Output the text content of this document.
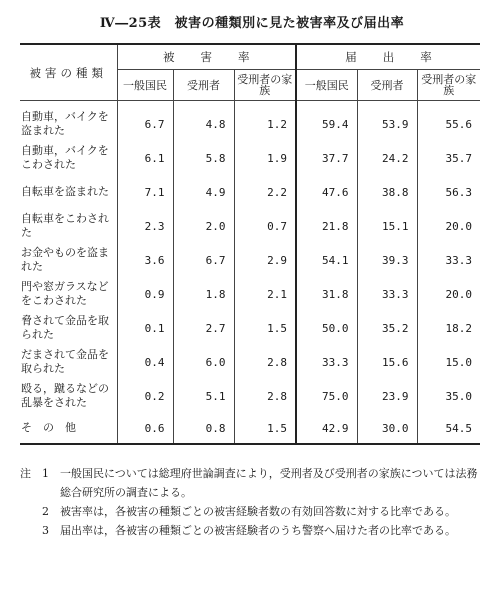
Ⅳ―25表　被害の種類別に見た被害率及び届出率
被害の種類	被害率			届出率		
	一般国民	受刑者	受刑者の家　族	一般国民	受刑者	受刑者の家　族
自動車，バイクを盗まれた	6.7	4.8	1.2	59.4	53.9	55.6
自動車，バイクをこわされた	6.1	5.8	1.9	37.7	24.2	35.7
自転車を盗まれた	7.1	4.9	2.2	47.6	38.8	56.3
自転車をこわされた	2.3	2.0	0.7	21.8	15.1	20.0
お金やものを盗まれた	3.6	6.7	2.9	54.1	39.3	33.3
門や窓ガラスなどをこわされた	0.9	1.8	2.1	31.8	33.3	20.0
脅されて金品を取られた	0.1	2.7	1.5	50.0	35.2	18.2
だまされて金品を取られた	0.4	6.0	2.8	33.3	15.6	15.0
殴る，蹴るなどの乱暴をされた	0.2	5.1	2.8	75.0	23.9	35.0
そ　の　他	0.6	0.8	1.5	42.9	30.0	54.5
注	1	一般国民については総理府世論調査により，受刑者及び受刑者の家族については法務総合研究所の調査による。
2	被害率は，各被害の種類ごとの被害経験者数の有効回答数に対する比率である。
3	届出率は，各被害の種類ごとの被害経験者のうち警察へ届けた者の比率である。
